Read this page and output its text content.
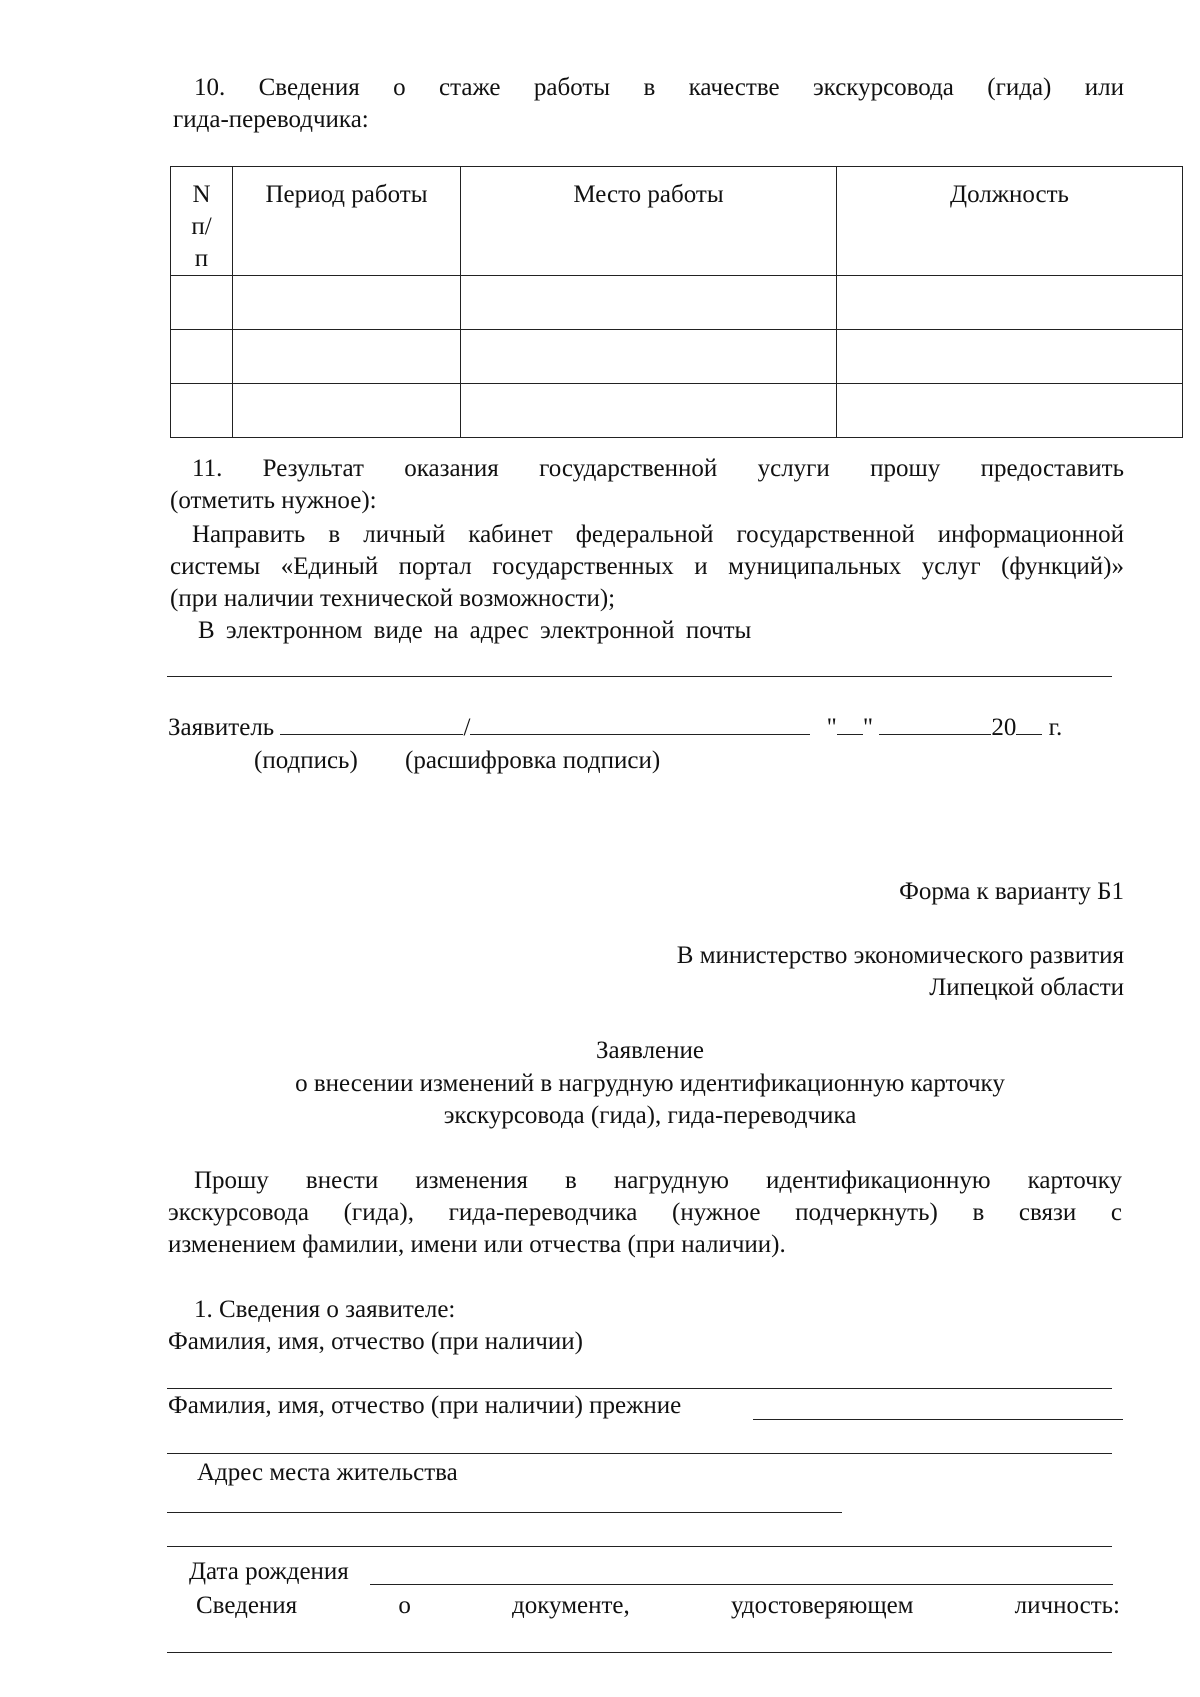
10. Сведения о стаже работы в качестве экскурсовода (гида) или
гида-переводчика:
N п/п	Период работы	Место работы	Должность

11. Результат оказания государственной услуги прошу предоставить
(отметить нужное):
Направить в личный кабинет федеральной государственной информационной
системы «Единый портал государственных и муниципальных услуг (функций)»
(при наличии технической возможности);
В электронном виде на адрес электронной почты
Заявитель	/	" "	20 г.
(подпись) (расшифровка подписи)
Форма к варианту Б1
В министерство экономического развития
Липецкой области
Заявление
о внесении изменений в нагрудную идентификационную карточку
экскурсовода (гида), гида-переводчика
Прошу внести изменения в нагрудную идентификационную карточку
экскурсовода (гида), гида-переводчика (нужное подчеркнуть) в связи с
изменением фамилии, имени или отчества (при наличии).
1. Сведения о заявителе:
Фамилия, имя, отчество (при наличии)
Фамилия, имя, отчество (при наличии) прежние
Адрес места жительства
Дата рождения
Сведения	о	документе,	удостоверяющем	личность:
